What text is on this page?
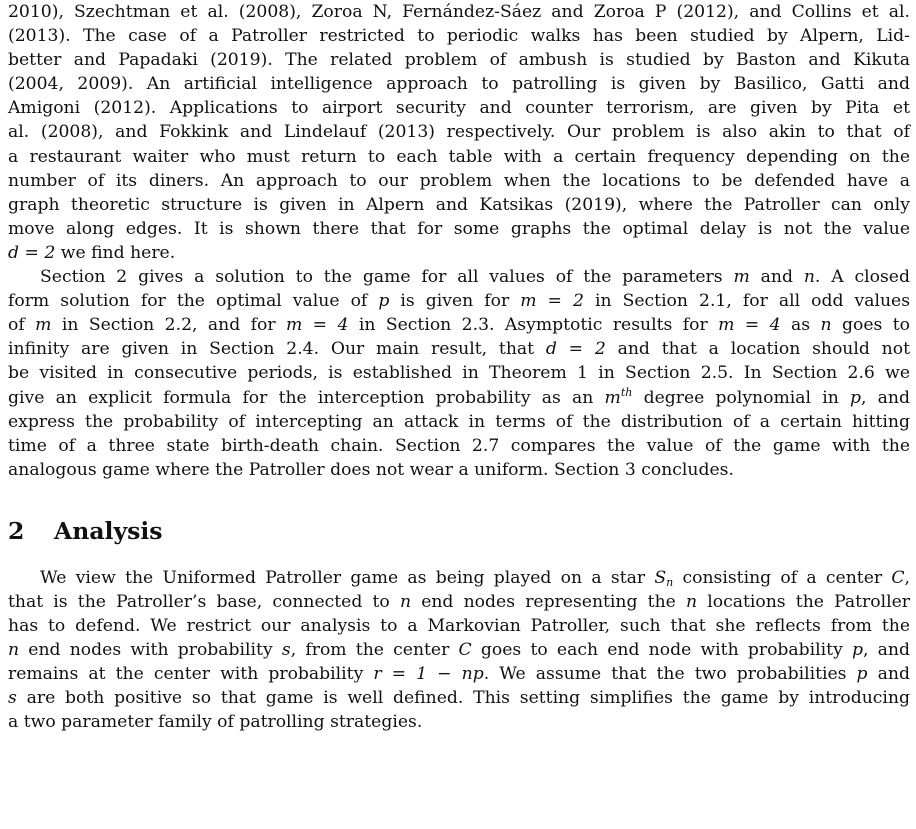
2010), Szechtman et al. (2008), Zoroa N, Fernández-Sáez and Zoroa P (2012), and Collins et al.
(2013). The case of a Patroller restricted to periodic walks has been studied by Alpern, Lid-
better and Papadaki (2019). The related problem of ambush is studied by Baston and Kikuta
(2004, 2009). An artificial intelligence approach to patrolling is given by Basilico, Gatti and
Amigoni (2012). Applications to airport security and counter terrorism, are given by Pita et
al. (2008), and Fokkink and Lindelauf (2013) respectively. Our problem is also akin to that of
a restaurant waiter who must return to each table with a certain frequency depending on the
number of its diners. An approach to our problem when the locations to be defended have a
graph theoretic structure is given in Alpern and Katsikas (2019), where the Patroller can only
move along edges. It is shown there that for some graphs the optimal delay is not the value
d = 2 we find here.

Section 2 gives a solution to the game for all values of the parameters m and n. A closed
form solution for the optimal value of p is given for m = 2 in Section 2.1, for all odd values
of m in Section 2.2, and for m = 4 in Section 2.3. Asymptotic results for m = 4 as n goes to
infinity are given in Section 2.4. Our main result, that d = 2 and that a location should not
be visited in consecutive periods, is established in Theorem 1 in Section 2.5. In Section 2.6 we
give an explicit formula for the interception probability as an $m^{th}$ degree polynomial in p, and
express the probability of intercepting an attack in terms of the distribution of a certain hitting
time of a three state birth-death chain. Section 2.7 compares the value of the game with the
analogous game where the Patroller does not wear a uniform. Section 3 concludes.

2 Analysis

We view the Uniformed Patroller game as being played on a star $S_n$ consisting of a center C,
that is the Patroller’s base, connected to n end nodes representing the n locations the Patroller
has to defend. We restrict our analysis to a Markovian Patroller, such that she reflects from the
n end nodes with probability s, from the center C goes to each end node with probability p, and
remains at the center with probability r = 1 − np. We assume that the two probabilities p and
s are both positive so that game is well defined. This setting simplifies the game by introducing
a two parameter family of patrolling strategies.
